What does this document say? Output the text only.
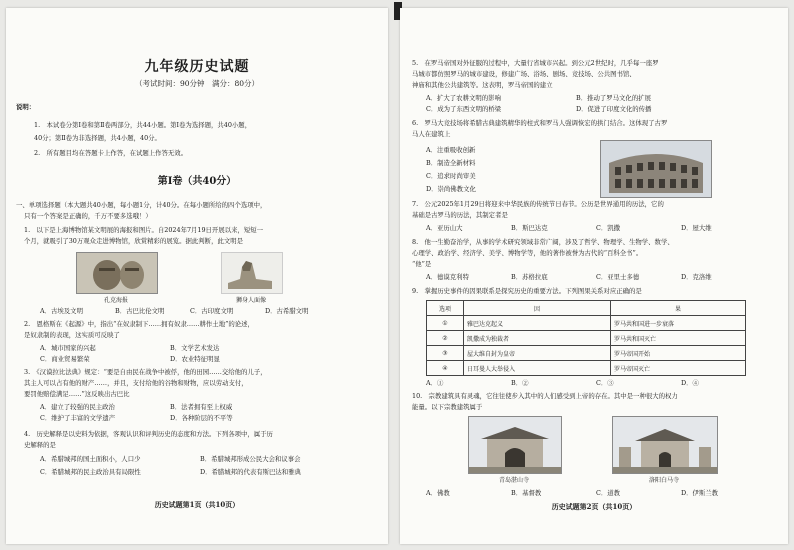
九年级历史试题
（考试时间：90分钟　满分：80分）
说明：
1.　本试卷分第Ⅰ卷和第Ⅱ卷两部分，共44小题。第Ⅰ卷为选择题，共40小题，
40分；第Ⅱ卷为非选择题，共4小题，40分。
2.　所有题目均在答题卡上作答，在试题上作答无效。
第Ⅰ卷（共40分）
一、单项选择题（本大题共40小题，每小题1分，计40分。在每小题所给的四个选项中，
只有一个答案是正确的，千万不要多选哦！）
1.　以下是上海博物馆某文明展的海报和图片。自2024年7月19日开展以来，短短一
个月，就吸引了30万观众走进博物馆，欣赏精彩的展览。据此判断，此文明是
孔克海报	狮身人面像
A．古埃及文明	B．古巴比伦文明	C．古印度文明	D．古希腊文明
2.　恩格斯在《起源》中，指出“在奴隶制下……拥有奴隶……耕作土地”的论述，
是奴隶制的表现，这实质可反映了
A．城市国家的兴起	B．文学艺术发达
C．商业贸易繁荣	D．农业特征明显
3.　《汉谟拉比法典》规定：“要是自由民在战争中被俘，他的田园……交给他的儿子，
其主人可以占有他的财产……，并且，支付给他的谷物和财物，应以劳动支付，
要罚他赔偿满足……”这反映出古巴比
A．建立了较强的民主政治	B．法者拥有至上权威
C．维护了丰富的文学遗产	D．各种阶层的不平等
4.　历史解释是以史料为依据，客观认识和评判历史的态度和方法。下列各项中，属于历
史解释的是
A．希腊城邦的国土面积小，人口少	B．希腊城邦形成公民大会和议事会
C．希腊城邦的民主政治具有局限性	D．希腊城邦的代表有斯巴达和雅典
历史试题第1页（共10页）
5.　在罗马帝国对外征服的过程中，大量行省城市兴起。到公元2世纪时，几乎每一座罗
马城市都仿照罗马的城市建设，修建广场、浴场、剧场、竞技场、公共图书馆、
神庙和其他公共建筑等。这表明，罗马帝国的建立
A．扩大了农耕文明的影响	B．推动了罗马文化的扩展
C．成为了东西文明的桥梁	D．促进了印度文化的传播
6.　罗马大竞技场将希腊古典建筑精华的柱式和罗马人强调恢宏的拱门结合。这体现了古罗
马人在建筑上
A．注重吸收创新
B．制造全新材料
C．追求时尚审美
D．崇尚佛教文化
7.　公元2025年1月29日将迎来中华民族的传统节日春节。公历是世界通用的历法，它的
基础是古罗马的历法，其制定者是
A．亚历山大	B．斯巴达克	C．凯撒	D．屋大维
8.　他一生勤奋治学，从事的学术研究领域非常广阔，涉及了哲学、物理学、生物学、数学、
心理学、政治学、经济学、美学、博物学等，他的著作被誉为古代的“百科全书”。
“他”是
A．德谟克利特	B．苏格拉底	C．亚里士多德	D．克洛维
9.　掌握历史事件的因果联系是探究历史的重要方法。下列图果关系对应正确的是
选项	因	果
①	雅巴达克起义	罗马共和国进一步衰落
②	凯撒成为独裁者	罗马共和国灭亡
③	屋大维自封为皇帝	罗马帝国开始
④	日耳曼人大举侵入	罗马帝国灭亡
A．①	B．②	C．③	D．④
10.　宗教建筑具有灵魂，它往往使步入其中的人们感受到上帝的存在。其中是一种很大的权力
能量。以下宗教建筑属于
青岛湛山寺	洛阳白马寺
A．佛教	B．基督教	C．道教	D．伊斯兰教
历史试题第2页（共10页）
